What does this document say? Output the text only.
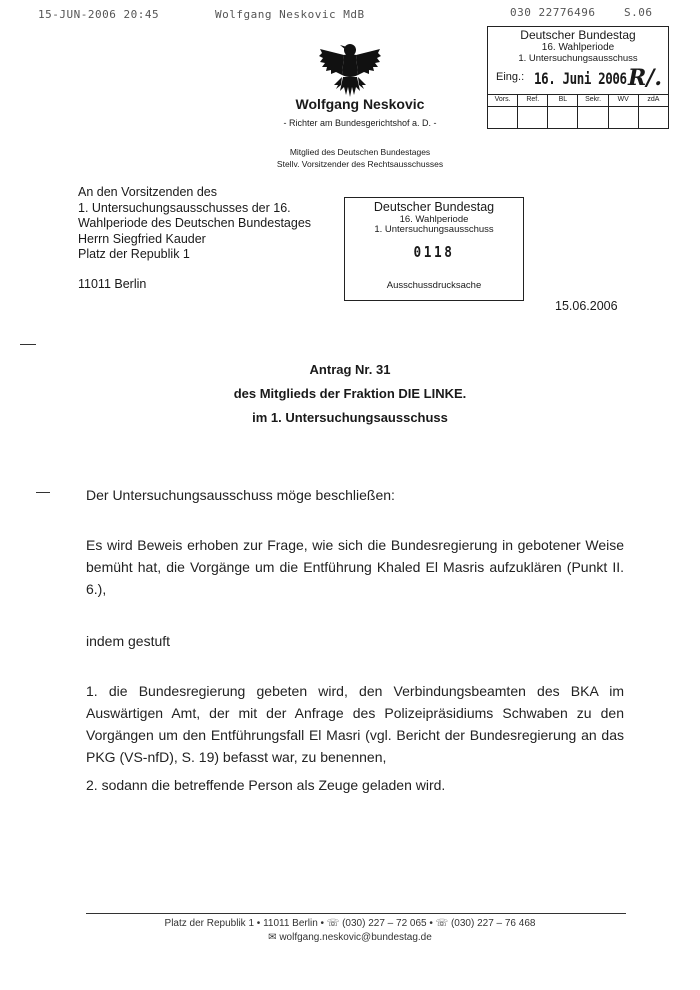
15-JUN-2006 20:45	Wolfgang Neskovic MdB	030 22776496	S.06
Deutscher Bundestag
16. Wahlperiode
1. Untersuchungsausschuss
Eing.: 16. Juni 2006 R/.
Vors.	Ref.	BL	Sekr.	WV	zdA

Wolfgang Neskovic
- Richter am Bundesgerichtshof a. D. -
Mitglied des Deutschen Bundestages
Stellv. Vorsitzender des Rechtsausschusses
An den Vorsitzenden des
1. Untersuchungsausschusses der 16.
Wahlperiode des Deutschen Bundestages
Herrn Siegfried Kauder
Platz der Republik 1
11011 Berlin
Deutscher Bundestag
16. Wahlperiode
1. Untersuchungsausschuss
0118
Ausschussdrucksache
15.06.2006
Antrag Nr. 31
des Mitglieds der Fraktion DIE LINKE.
im 1. Untersuchungsausschuss
Der Untersuchungsausschuss möge beschließen:
Es wird Beweis erhoben zur Frage, wie sich die Bundesregierung in gebotener Weise bemüht hat, die Vorgänge um die Entführung Khaled El Masris aufzuklären (Punkt II. 6.),
indem gestuft
1. die Bundesregierung gebeten wird, den Verbindungsbeamten des BKA im Auswärtigen Amt, der mit der Anfrage des Polizeipräsidiums Schwaben zu den Vorgängen um den Entführungsfall El Masri (vgl. Bericht der Bundesregierung an das PKG (VS-nfD), S. 19) befasst war, zu benennen,
2. sodann die betreffende Person als Zeuge geladen wird.
Platz der Republik 1 • 11011 Berlin • ☏ (030) 227 – 72 065 • ☏ (030) 227 – 76 468
✉ wolfgang.neskovic@bundestag.de
